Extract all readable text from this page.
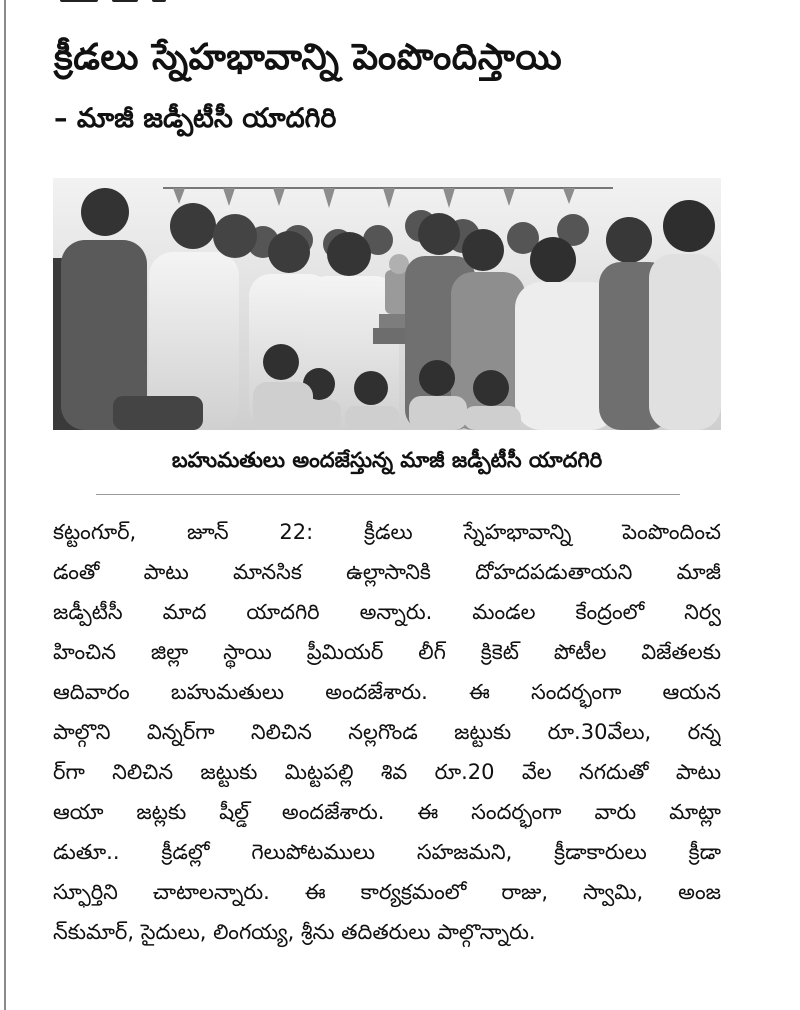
క్రీడలు స్నేహభావాన్ని పెంపొందిస్తాయి
– మాజీ జడ్పీటీసీ యాదగిరి
బహుమతులు అందజేస్తున్న మాజీ జడ్పీటీసీ యాదగిరి
కట్టంగూర్, జూన్ 22: క్రీడలు స్నేహభావాన్ని పెంపొందించ
డంతో పాటు మానసిక ఉల్లాసానికి దోహదపడుతాయని మాజీ
జడ్పీటీసీ మాద యాదగిరి అన్నారు. మండల కేంద్రంలో నిర్వ
హించిన జిల్లా స్థాయి ప్రీమియర్ లీగ్ క్రికెట్ పోటీల విజేతలకు
ఆదివారం బహుమతులు అందజేశారు. ఈ సందర్భంగా ఆయన
పాల్గొని విన్నర్‌గా నిలిచిన నల్లగొండ జట్టుకు రూ.30వేలు, రన్న
ర్‌గా నిలిచిన జట్టుకు మిట్టపల్లి శివ రూ.20 వేల నగదుతో పాటు
ఆయా జట్లకు షీల్డ్ అందజేశారు. ఈ సందర్భంగా వారు మాట్లా
డుతూ.. క్రీడల్లో గెలుపోటములు సహజమని, క్రీడాకారులు క్రీడా
స్ఫూర్తిని చాటాలన్నారు. ఈ కార్యక్రమంలో రాజు, స్వామి, అంజ
న్‌కుమార్, సైదులు, లింగయ్య, శ్రీను తదితరులు పాల్గొన్నారు.
